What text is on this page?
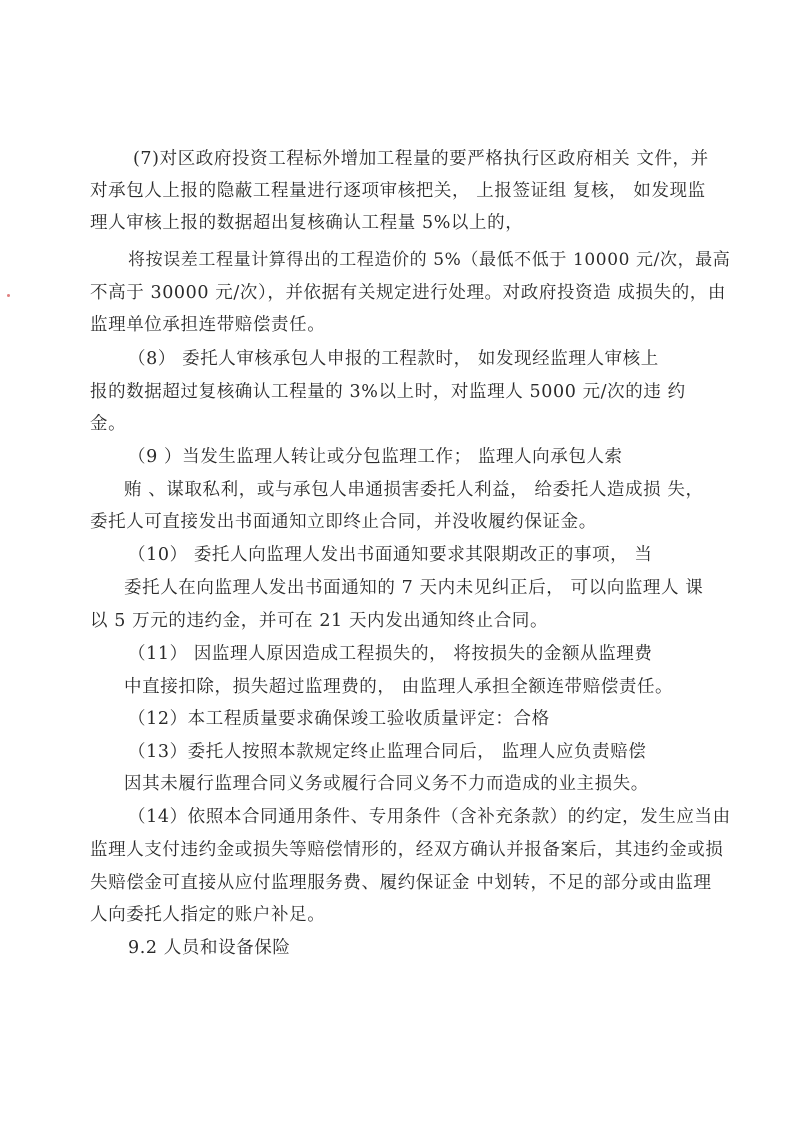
(7)对区政府投资工程标外增加工程量的要严格执行区政府相关 文件，并
对承包人上报的隐蔽工程量进行逐项审核把关， 上报签证组 复核， 如发现监
理人审核上报的数据超出复核确认工程量 5%以上的，
将按误差工程量计算得出的工程造价的 5%（最低不低于 10000 元/次，最高
不高于 30000 元/次），并依据有关规定进行处理。对政府投资造 成损失的，由
监理单位承担连带赔偿责任。
（8） 委托人审核承包人申报的工程款时， 如发现经监理人审核上
报的数据超过复核确认工程量的 3%以上时，对监理人 5000 元/次的违 约
金。
（9 ）当发生监理人转让或分包监理工作； 监理人向承包人索
贿 、谋取私利，或与承包人串通损害委托人利益， 给委托人造成损 失，
委托人可直接发出书面通知立即终止合同，并没收履约保证金。
（10） 委托人向监理人发出书面通知要求其限期改正的事项， 当
委托人在向监理人发出书面通知的 7 天内未见纠正后， 可以向监理人 课
以 5 万元的违约金，并可在 21 天内发出通知终止合同。
（11） 因监理人原因造成工程损失的， 将按损失的金额从监理费
中直接扣除，损失超过监理费的， 由监理人承担全额连带赔偿责任。
（12）本工程质量要求确保竣工验收质量评定：合格
（13）委托人按照本款规定终止监理合同后， 监理人应负责赔偿
因其未履行监理合同义务或履行合同义务不力而造成的业主损失。
（14）依照本合同通用条件、专用条件（含补充条款）的约定，发生应当由
监理人支付违约金或损失等赔偿情形的，经双方确认并报备案后，其违约金或损
失赔偿金可直接从应付监理服务费、履约保证金 中划转，不足的部分或由监理
人向委托人指定的账户补足。
9.2 人员和设备保险
